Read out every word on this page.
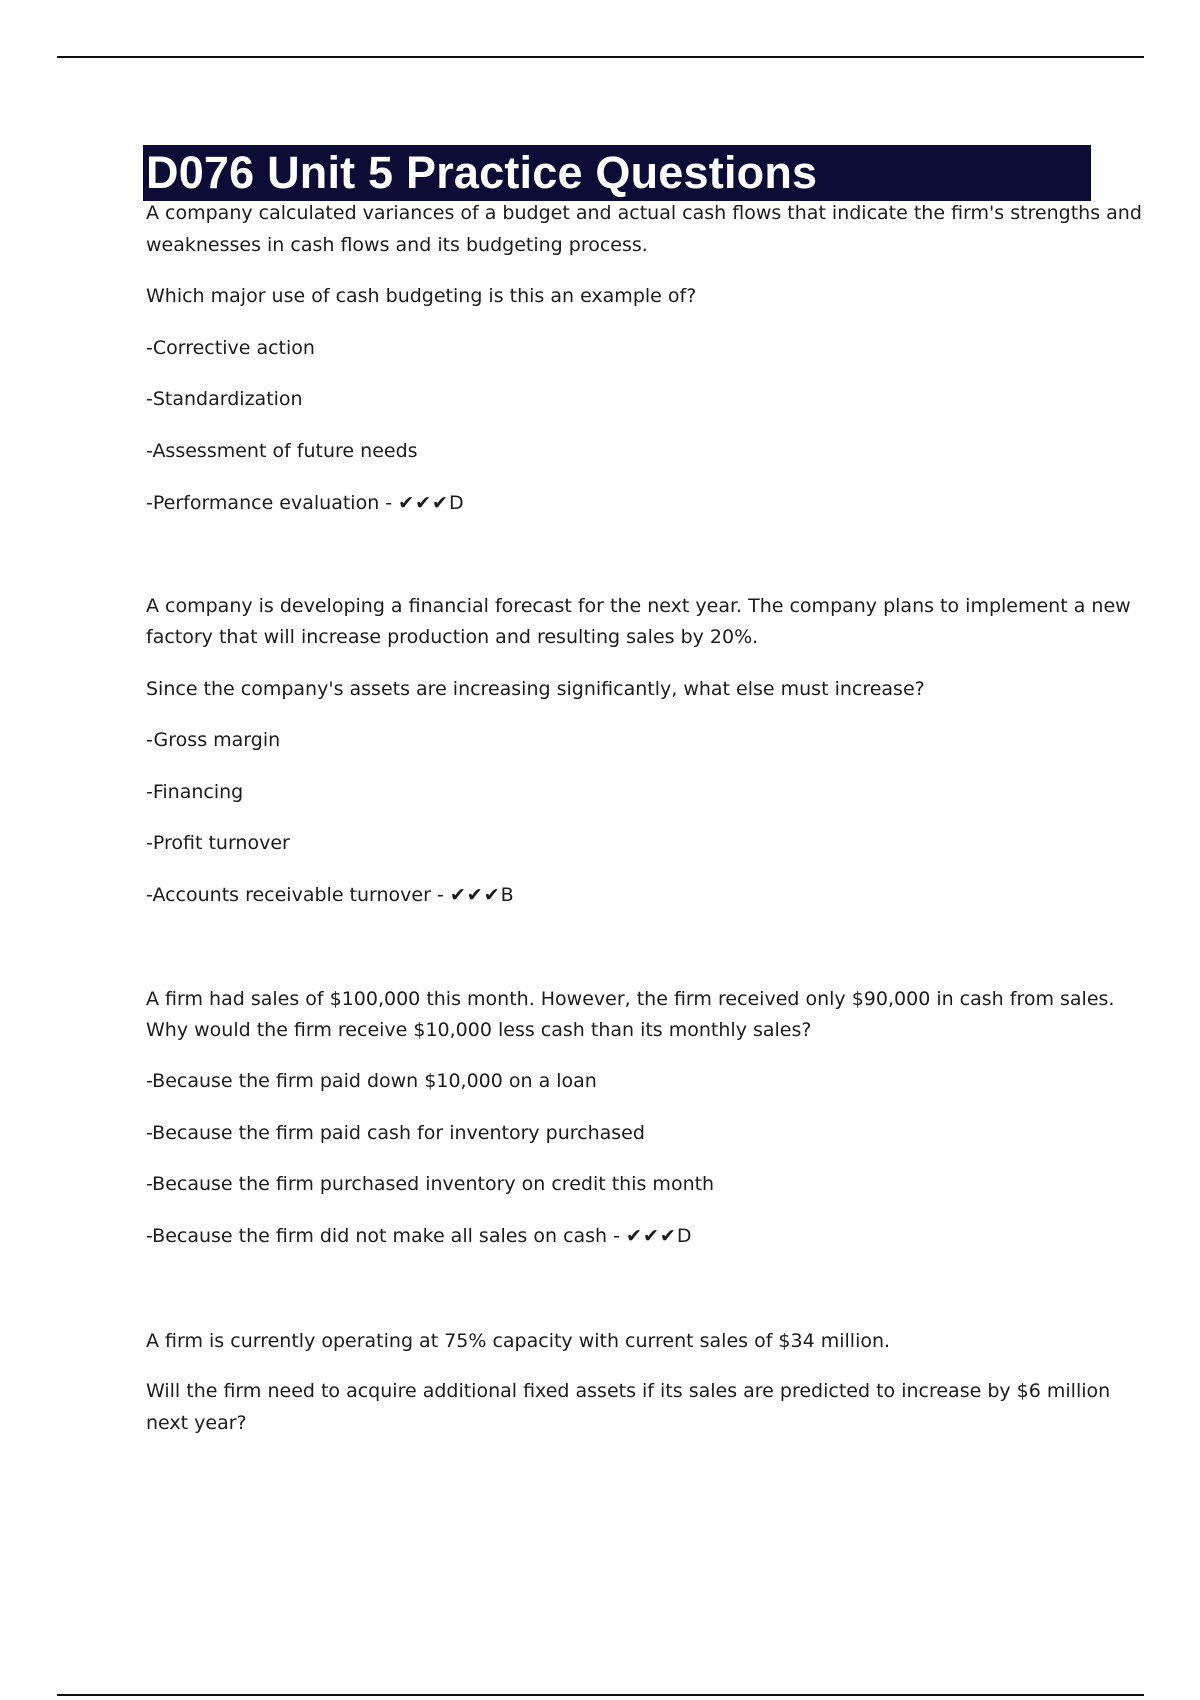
D076 Unit 5 Practice Questions

A company calculated variances of a budget and actual cash flows that indicate the firm's strengths and

weaknesses in cash flows and its budgeting process.

Which major use of cash budgeting is this an example of?

-Corrective action

-Standardization

-Assessment of future needs

-Performance evaluation - ✔✔✔D

A company is developing a financial forecast for the next year. The company plans to implement a new

factory that will increase production and resulting sales by 20%.

Since the company's assets are increasing significantly, what else must increase?

-Gross margin

-Financing

-Profit turnover

-Accounts receivable turnover - ✔✔✔B

A firm had sales of $100,000 this month. However, the firm received only $90,000 in cash from sales.

Why would the firm receive $10,000 less cash than its monthly sales?

-Because the firm paid down $10,000 on a loan

-Because the firm paid cash for inventory purchased

-Because the firm purchased inventory on credit this month

-Because the firm did not make all sales on cash - ✔✔✔D

A firm is currently operating at 75% capacity with current sales of $34 million.

Will the firm need to acquire additional fixed assets if its sales are predicted to increase by $6 million

next year?
